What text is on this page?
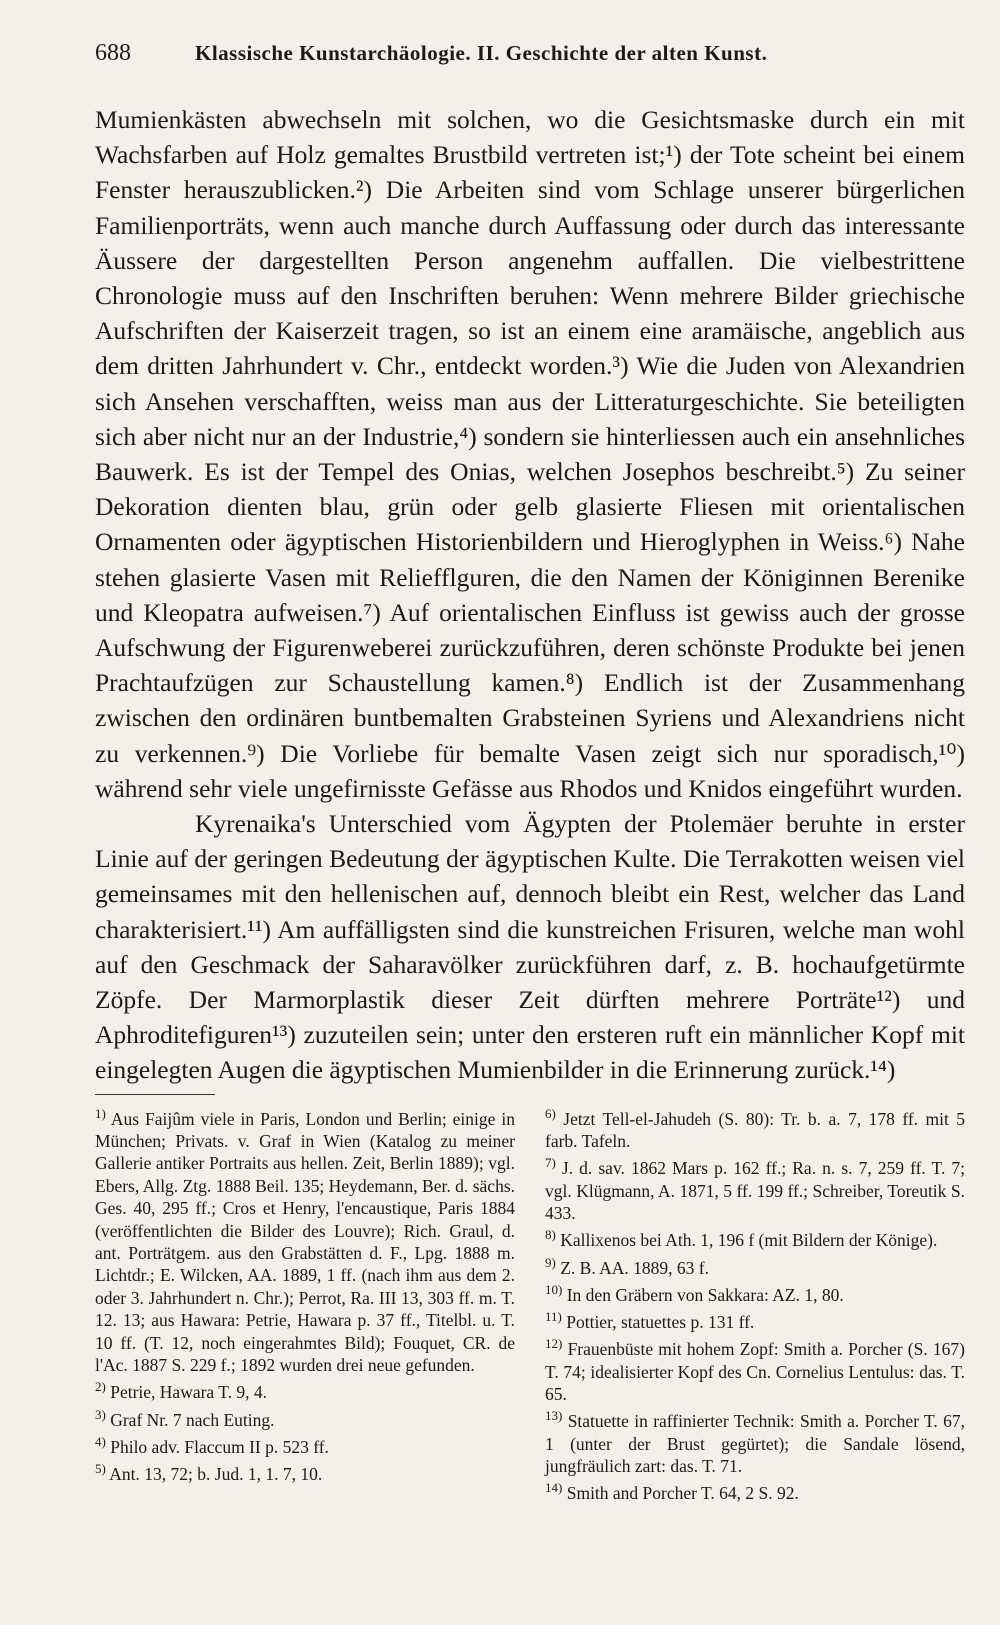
688	Klassische Kunstarchäologie. II. Geschichte der alten Kunst.

Mumienkästen abwechseln mit solchen, wo die Gesichtsmaske durch ein mit Wachsfarben auf Holz gemaltes Brustbild vertreten ist;¹) der Tote scheint bei einem Fenster herauszublicken.²) Die Arbeiten sind vom Schlage unserer bürgerlichen Familienporträts, wenn auch manche durch Auffassung oder durch das interessante Äussere der dargestellten Person angenehm auffallen. Die vielbestrittene Chronologie muss auf den Inschriften beruhen: Wenn mehrere Bilder griechische Aufschriften der Kaiserzeit tragen, so ist an einem eine aramäische, angeblich aus dem dritten Jahrhundert v. Chr., entdeckt worden.³) Wie die Juden von Alexandrien sich Ansehen verschafften, weiss man aus der Litteraturgeschichte. Sie beteiligten sich aber nicht nur an der Industrie,⁴) sondern sie hinterliessen auch ein ansehnliches Bauwerk. Es ist der Tempel des Onias, welchen Josephos beschreibt.⁵) Zu seiner Dekoration dienten blau, grün oder gelb glasierte Fliesen mit orientalischen Ornamenten oder ägyptischen Historienbildern und Hieroglyphen in Weiss.⁶) Nahe stehen glasierte Vasen mit Reliefflguren, die den Namen der Königinnen Berenike und Kleopatra aufweisen.⁷) Auf orientalischen Einfluss ist gewiss auch der grosse Aufschwung der Figurenweberei zurückzuführen, deren schönste Produkte bei jenen Prachtaufzügen zur Schaustellung kamen.⁸) Endlich ist der Zusammenhang zwischen den ordinären buntbemalten Grabsteinen Syriens und Alexandriens nicht zu verkennen.⁹) Die Vorliebe für bemalte Vasen zeigt sich nur sporadisch,¹⁰) während sehr viele ungefirnisste Gefässe aus Rhodos und Knidos eingeführt wurden.

Kyrenaika's Unterschied vom Ägypten der Ptolemäer beruhte in erster Linie auf der geringen Bedeutung der ägyptischen Kulte. Die Terrakotten weisen viel gemeinsames mit den hellenischen auf, dennoch bleibt ein Rest, welcher das Land charakterisiert.¹¹) Am auffälligsten sind die kunstreichen Frisuren, welche man wohl auf den Geschmack der Saharavölker zurückführen darf, z. B. hochaufgetürmte Zöpfe. Der Marmorplastik dieser Zeit dürften mehrere Porträte¹²) und Aphroditefiguren¹³) zuzuteilen sein; unter den ersteren ruft ein männlicher Kopf mit eingelegten Augen die ägyptischen Mumienbilder in die Erinnerung zurück.¹⁴)

$^{1)}$ Aus Faijûm viele in Paris, London und Berlin; einige in München; Privats. v. Graf in Wien (Katalog zu meiner Gallerie antiker Portraits aus hellen. Zeit, Berlin 1889); vgl. Ebers, Allg. Ztg. 1888 Beil. 135; Heydemann, Ber. d. sächs. Ges. 40, 295 ff.; Cros et Henry, l'encaustique, Paris 1884 (veröffentlichten die Bilder des Louvre); Rich. Graul, d. ant. Porträtgem. aus den Grabstätten d. F., Lpg. 1888 m. Lichtdr.; E. Wilcken, AA. 1889, 1 ff. (nach ihm aus dem 2. oder 3. Jahrhundert n. Chr.); Perrot, Ra. III 13, 303 ff. m. T. 12. 13; aus Hawara: Petrie, Hawara p. 37 ff., Titelbl. u. T. 10 ff. (T. 12, noch eingerahmtes Bild); Fouquet, CR. de l'Ac. 1887 S. 229 f.; 1892 wurden drei neue gefunden.

$^{2)}$ Petrie, Hawara T. 9, 4.

$^{3)}$ Graf Nr. 7 nach Euting.

$^{4)}$ Philo adv. Flaccum II p. 523 ff.

$^{5)}$ Ant. 13, 72; b. Jud. 1, 1. 7, 10.

$^{6)}$ Jetzt Tell-el-Jahudeh (S. 80): Tr. b. a. 7, 178 ff. mit 5 farb. Tafeln.

$^{7)}$ J. d. sav. 1862 Mars p. 162 ff.; Ra. n. s. 7, 259 ff. T. 7; vgl. Klügmann, A. 1871, 5 ff. 199 ff.; Schreiber, Toreutik S. 433.

$^{8)}$ Kallixenos bei Ath. 1, 196 f (mit Bildern der Könige).

$^{9)}$ Z. B. AA. 1889, 63 f.

$^{10)}$ In den Gräbern von Sakkara: AZ. 1, 80.

$^{11)}$ Pottier, statuettes p. 131 ff.

$^{12)}$ Frauenbüste mit hohem Zopf: Smith a. Porcher (S. 167) T. 74; idealisierter Kopf des Cn. Cornelius Lentulus: das. T. 65.

$^{13)}$ Statuette in raffinierter Technik: Smith a. Porcher T. 67, 1 (unter der Brust gegürtet); die Sandale lösend, jungfräulich zart: das. T. 71.

$^{14)}$ Smith and Porcher T. 64, 2 S. 92.
